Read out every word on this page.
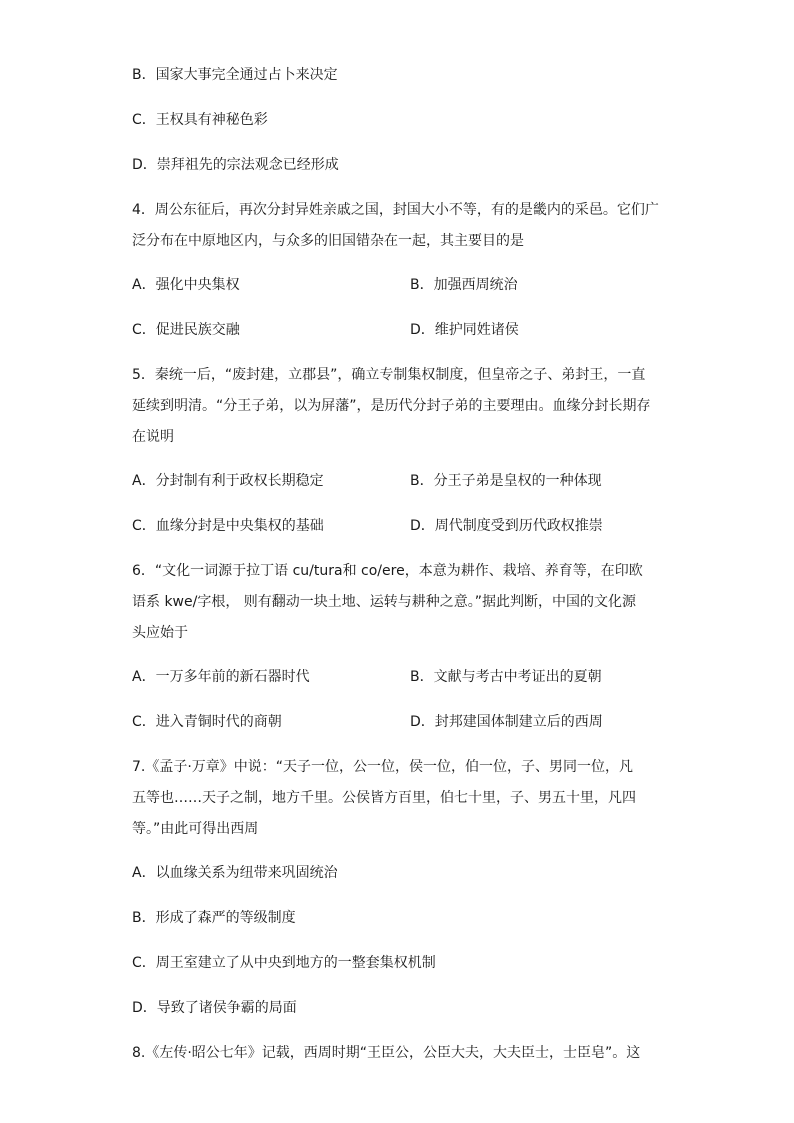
B．国家大事完全通过占卜来决定
C．王权具有神秘色彩
D．崇拜祖先的宗法观念已经形成
4．周公东征后，再次分封异姓亲戚之国，封国大小不等，有的是畿内的采邑。它们广
泛分布在中原地区内，与众多的旧国错杂在一起，其主要目的是
A．强化中央集权	B．加强西周统治
C．促进民族交融	D．维护同姓诸侯
5．秦统一后，“废封建，立郡县”，确立专制集权制度，但皇帝之子、弟封王，一直
延续到明清。“分王子弟，以为屏藩”，是历代分封子弟的主要理由。血缘分封长期存
在说明
A．分封制有利于政权长期稳定	B．分王子弟是皇权的一种体现
C．血缘分封是中央集权的基础	D．周代制度受到历代政权推崇
6．“文化一词源于拉丁语 cu/tura和 co/ere，本意为耕作、栽培、养育等，在印欧
语系 kwe/字根， 则有翻动一块土地、运转与耕种之意。”据此判断，中国的文化源
头应始于
A．一万多年前的新石器时代	B．文献与考古中考证出的夏朝
C．进入青铜时代的商朝	D．封邦建国体制建立后的西周
7.《孟子·万章》中说：“天子一位，公一位，侯一位，伯一位，子、男同一位，凡
五等也……天子之制，地方千里。公侯皆方百里，伯七十里，子、男五十里，凡四
等。”由此可得出西周
A．以血缘关系为纽带来巩固统治
B．形成了森严的等级制度
C．周王室建立了从中央到地方的一整套集权机制
D．导致了诸侯争霸的局面
8.《左传·昭公七年》记载，西周时期“王臣公，公臣大夫，大夫臣士，士臣皂”。这
